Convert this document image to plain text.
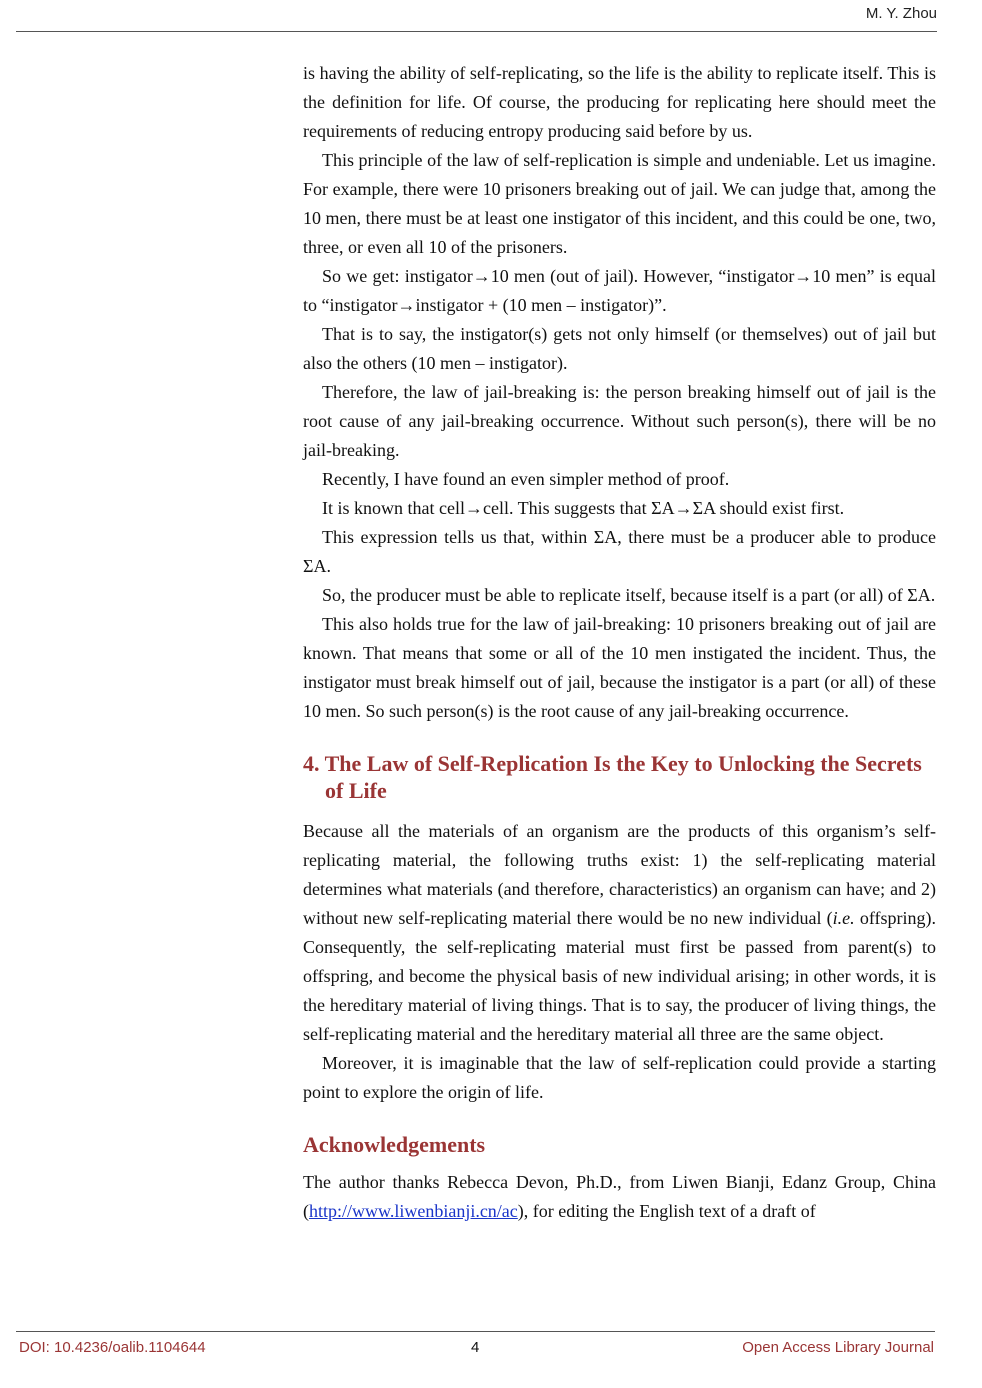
M. Y. Zhou

is having the ability of self-replicating, so the life is the ability to replicate itself. This is the definition for life. Of course, the producing for replicating here should meet the requirements of reducing entropy producing said before by us.

This principle of the law of self-replication is simple and undeniable. Let us imagine. For example, there were 10 prisoners breaking out of jail. We can judge that, among the 10 men, there must be at least one instigator of this incident, and this could be one, two, three, or even all 10 of the prisoners.

So we get: instigator→10 men (out of jail). However, “instigator→10 men” is equal to “instigator→instigator + (10 men – instigator)”.

That is to say, the instigator(s) gets not only himself (or themselves) out of jail but also the others (10 men – instigator).

Therefore, the law of jail-breaking is: the person breaking himself out of jail is the root cause of any jail-breaking occurrence. Without such person(s), there will be no jail-breaking.

Recently, I have found an even simpler method of proof.

It is known that cell→cell. This suggests that ΣA→ΣA should exist first.

This expression tells us that, within ΣA, there must be a producer able to produce ΣA.

So, the producer must be able to replicate itself, because itself is a part (or all) of ΣA.

This also holds true for the law of jail-breaking: 10 prisoners breaking out of jail are known. That means that some or all of the 10 men instigated the incident. Thus, the instigator must break himself out of jail, because the instigator is a part (or all) of these 10 men. So such person(s) is the root cause of any jail-breaking occurrence.

4. The Law of Self-Replication Is the Key to Unlocking the Secrets of Life

Because all the materials of an organism are the products of this organism’s self-replicating material, the following truths exist: 1) the self-replicating material determines what materials (and therefore, characteristics) an organism can have; and 2) without new self-replicating material there would be no new individual (i.e. offspring). Consequently, the self-replicating material must first be passed from parent(s) to offspring, and become the physical basis of new individual arising; in other words, it is the hereditary material of living things. That is to say, the producer of living things, the self-replicating material and the hereditary material all three are the same object.

Moreover, it is imaginable that the law of self-replication could provide a starting point to explore the origin of life.

Acknowledgements

The author thanks Rebecca Devon, Ph.D., from Liwen Bianji, Edanz Group, China (http://www.liwenbianji.cn/ac), for editing the English text of a draft of

DOI: 10.4236/oalib.1104644	4	Open Access Library Journal
